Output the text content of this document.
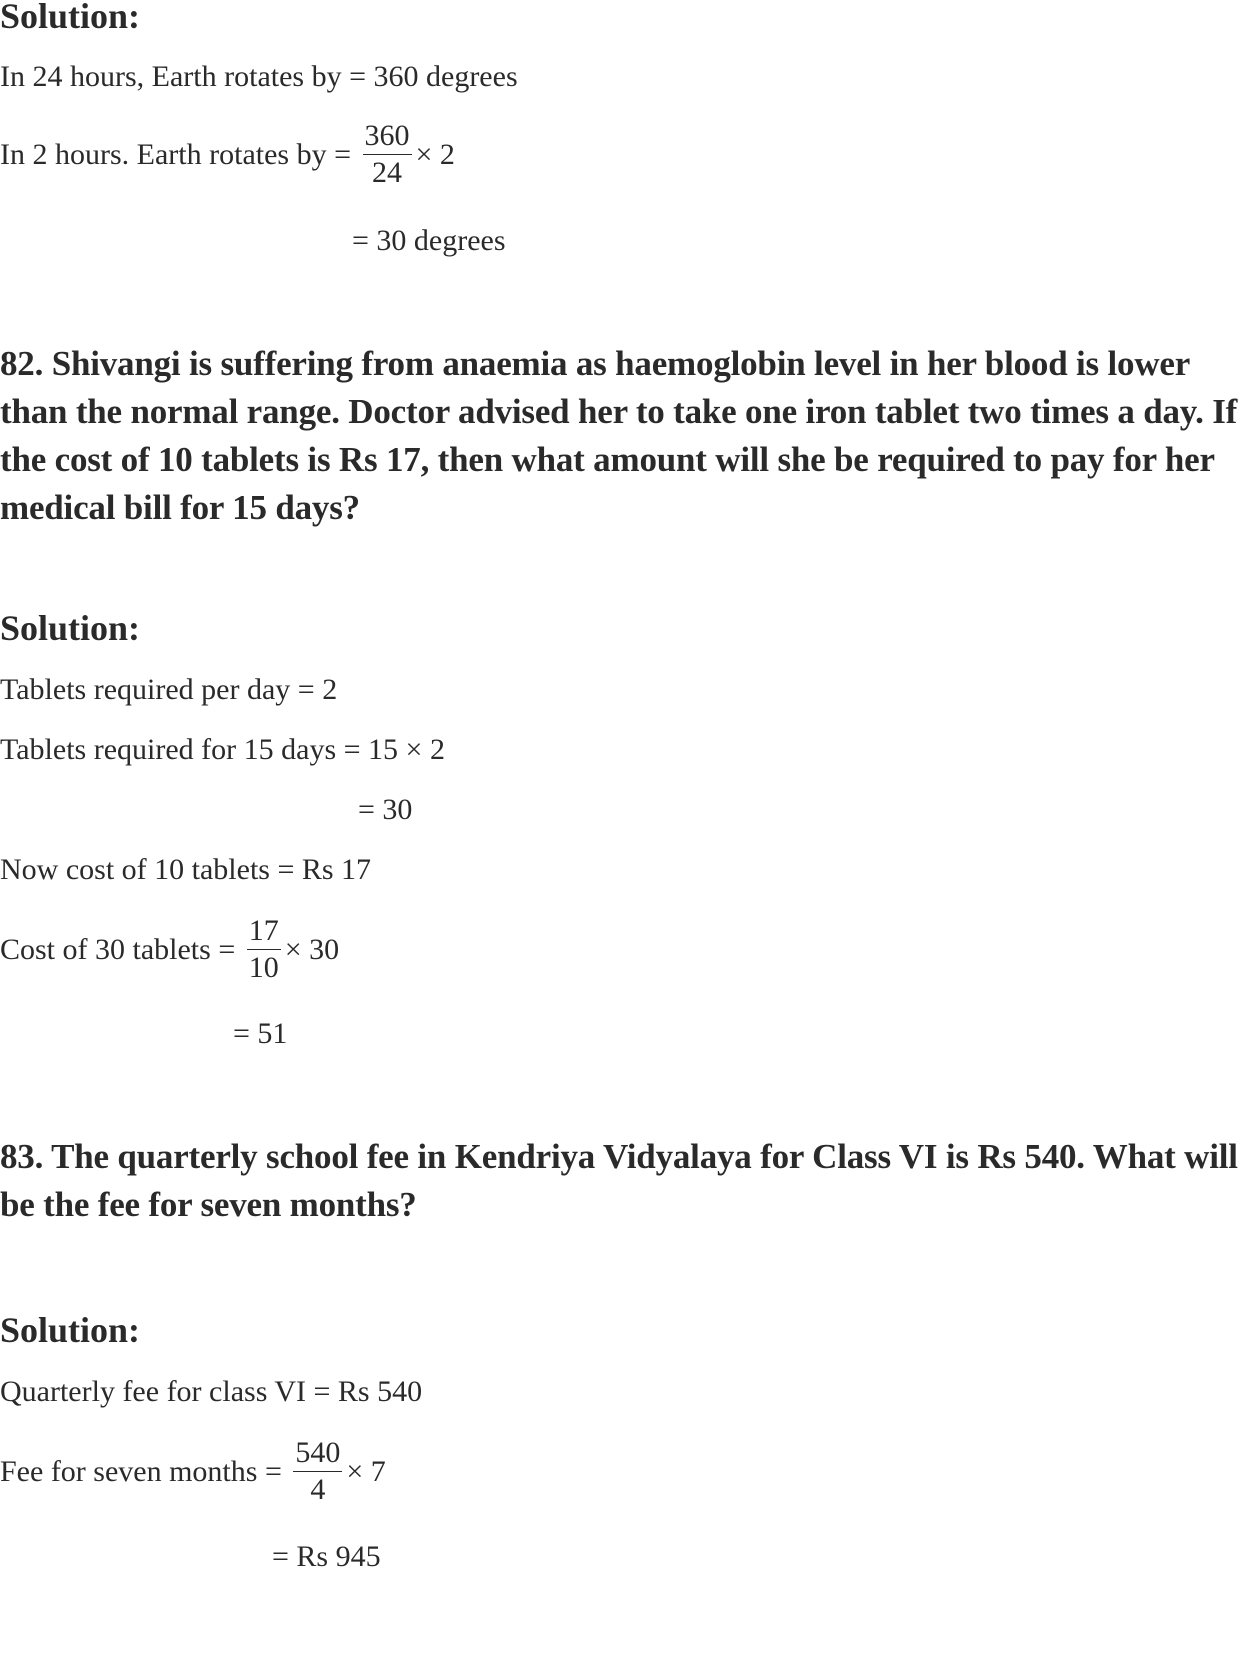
Solution:
In 24 hours, Earth rotates by = 360 degrees
In 2 hours. Earth rotates by = $\frac{360}{24} \times 2$
= 30 degrees
82. Shivangi is suffering from anaemia as haemoglobin level in her blood is lower than the normal range. Doctor advised her to take one iron tablet two times a day. If the cost of 10 tablets is Rs 17, then what amount will she be required to pay for her medical bill for 15 days?
Solution:
Tablets required per day = 2
Tablets required for 15 days = 15 × 2
= 30
Now cost of 10 tablets = Rs 17
Cost of 30 tablets = $\frac{17}{10} \times 30$
= 51
83. The quarterly school fee in Kendriya Vidyalaya for Class VI is Rs 540. What will be the fee for seven months?
Solution:
Quarterly fee for class VI = Rs 540
Fee for seven months = $\frac{540}{4} \times 7$
= Rs 945
